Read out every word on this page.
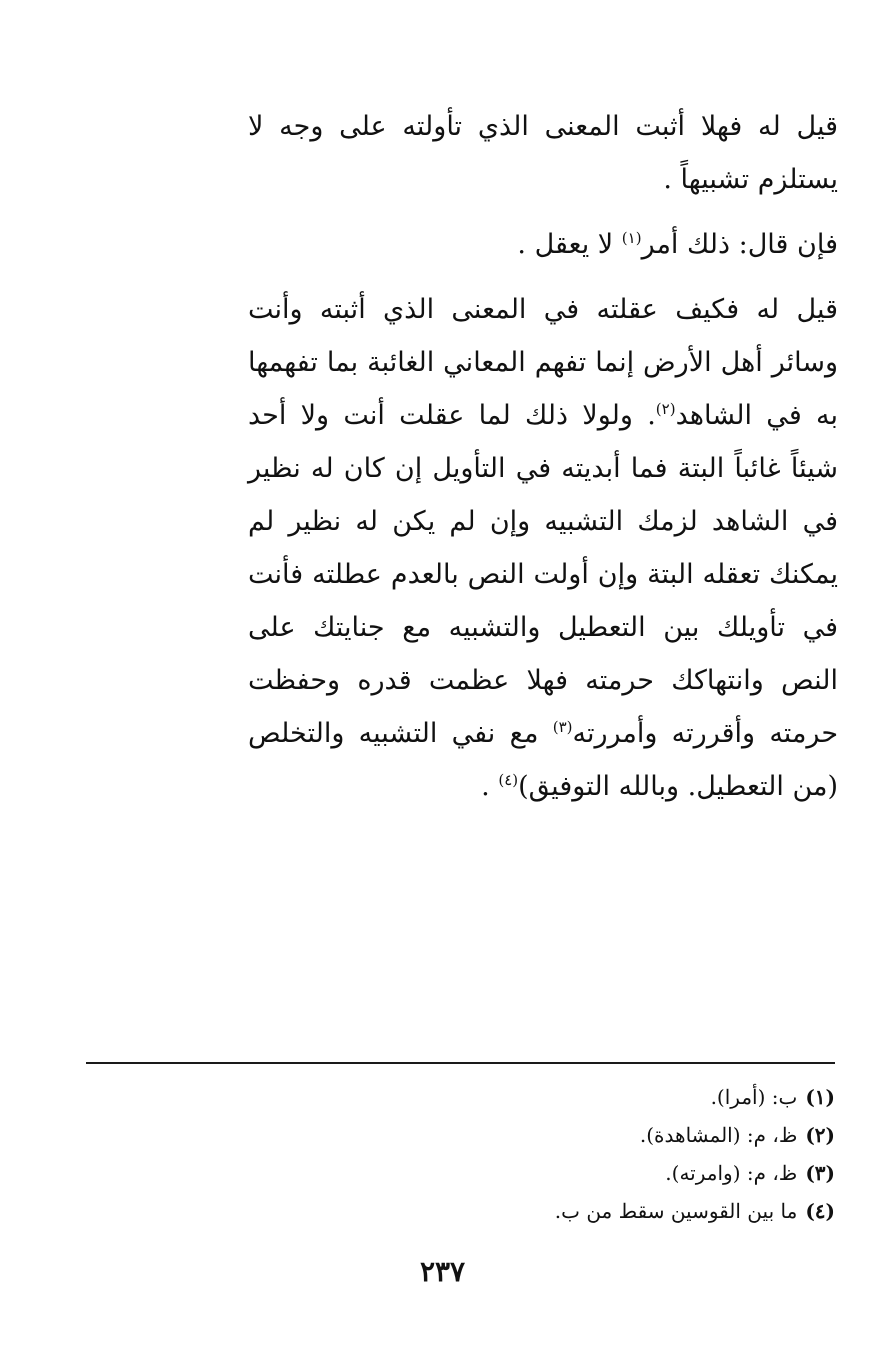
قيل له فهلا أثبت المعنى الذي تأولته على وجه لا يستلزم تشبيهاً .

فإن قال: ذلك أمر$^{(١)}$ لا يعقل .

قيل له فكيف عقلته في المعنى الذي أثبته وأنت وسائر أهل الأرض إنما تفهم المعاني الغائبة بما تفهمها به في الشاهد$^{(٢)}$. ولولا ذلك لما عقلت أنت ولا أحد شيئاً غائباً البتة فما أبديته في التأويل إن كان له نظير في الشاهد لزمك التشبيه وإن لم يكن له نظير لم يمكنك تعقله البتة وإن أولت النص بالعدم عطلته فأنت في تأويلك بين التعطيل والتشبيه مع جنايتك على النص وانتهاكك حرمته فهلا عظمت قدره وحفظت حرمته وأقررته وأمررته$^{(٣)}$ مع نفي التشبيه والتخلص (من التعطيل. وبالله التوفيق)$^{(٤)}$ .

(١)ب: (أمرا).

(٢)ظ، م: (المشاهدة).

(٣)ظ، م: (وامرته).

(٤)ما بين القوسين سقط من ب.

٢٣٧
